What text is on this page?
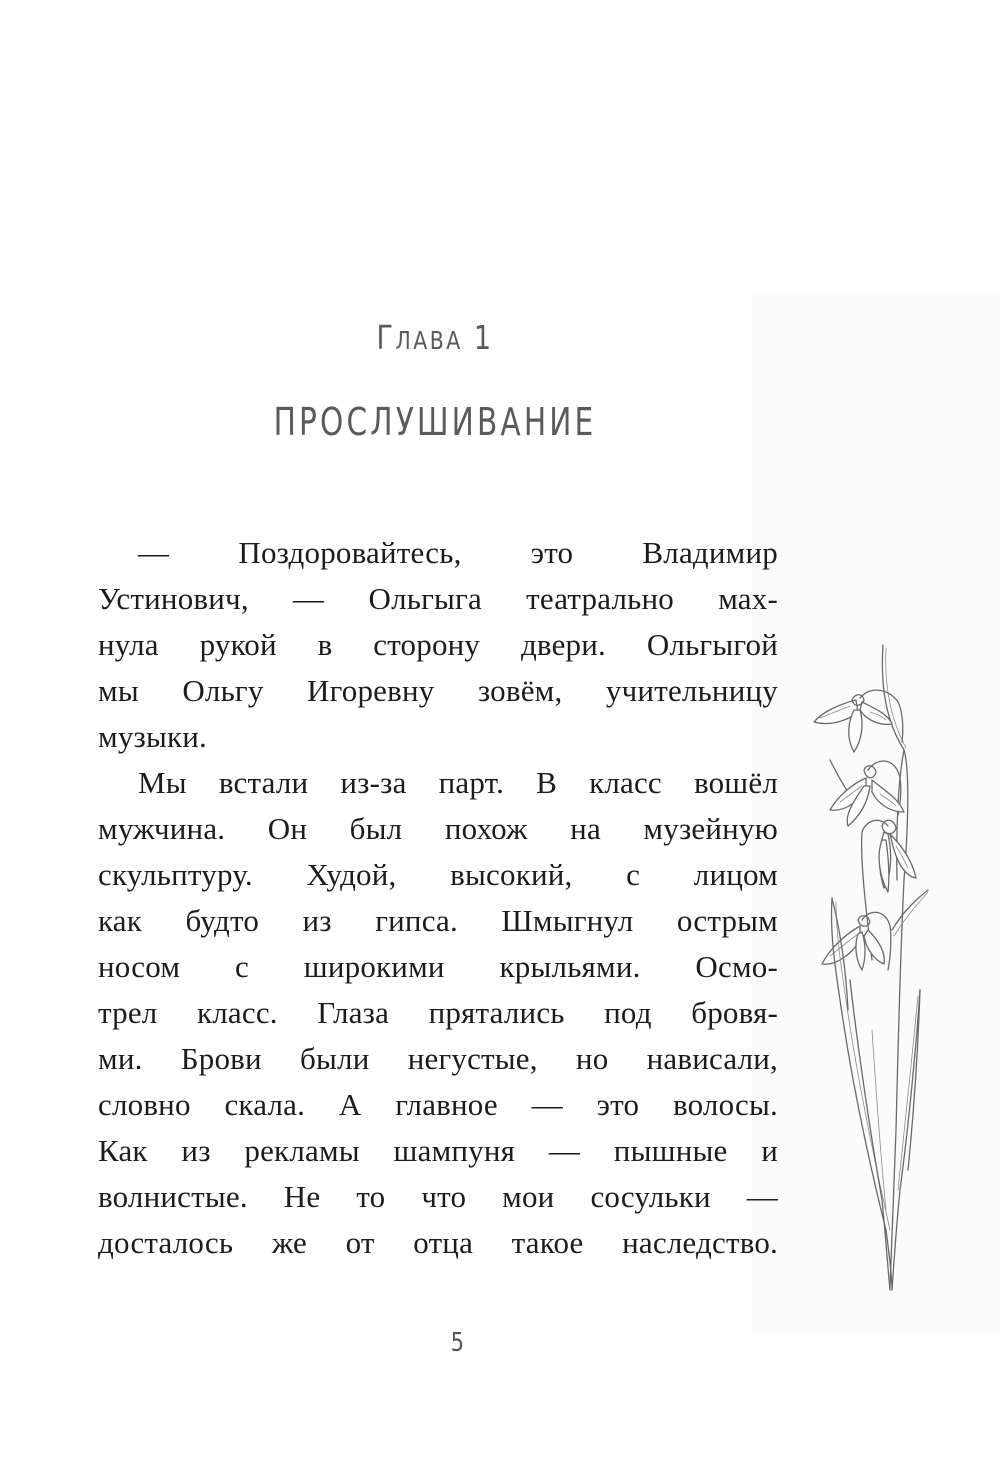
ГЛАВА 1
ПРОСЛУШИВАНИЕ
— Поздоровайтесь, это Владимир
Устинович, — Ольгыга театрально мах-
нула рукой в сторону двери. Ольгыгой
мы Ольгу Игоревну зовём, учительницу
музыки.
Мы встали из-за парт. В класс вошёл
мужчина. Он был похож на музейную
скульптуру. Худой, высокий, с лицом
как будто из гипса. Шмыгнул острым
носом с широкими крыльями. Осмо-
трел класс. Глаза прятались под бровя-
ми. Брови были негустые, но нависали,
словно скала. А главное — это волосы.
Как из рекламы шампуня — пышные и
волнистые. Не то что мои сосульки —
досталось же от отца такое наследство.
5
